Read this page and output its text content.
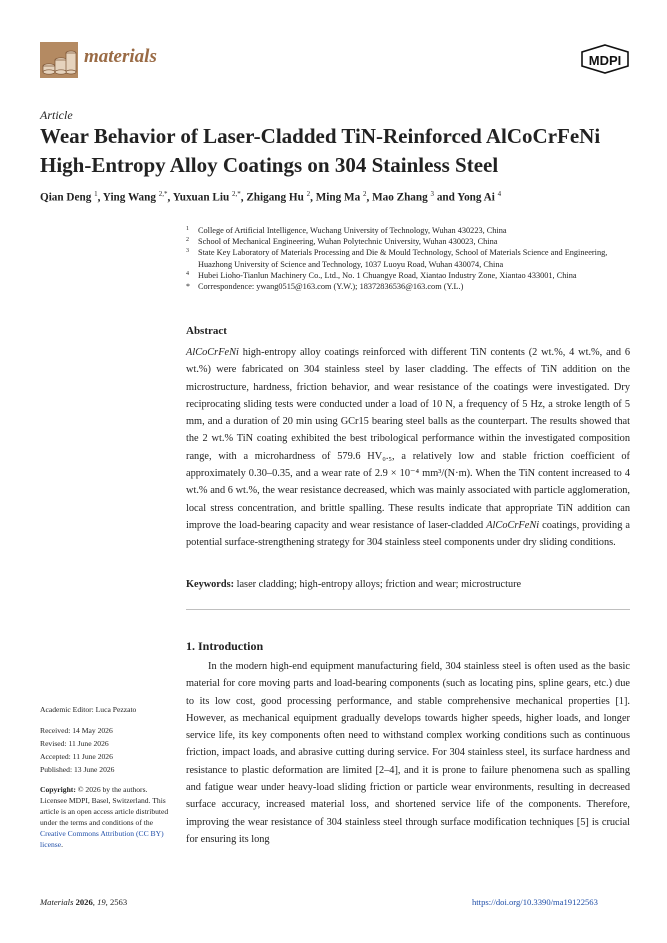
materials	MDPI
Article
Wear Behavior of Laser-Cladded TiN-Reinforced AlCoCrFeNi High-Entropy Alloy Coatings on 304 Stainless Steel
Qian Deng $^1$, Ying Wang $^{2,*}$, Yuxuan Liu $^{2,*}$, Zhigang Hu $^2$, Ming Ma $^2$, Mao Zhang $^3$ and Yong Ai $^4$

1 College of Artificial Intelligence, Wuchang University of Technology, Wuhan 430223, China

2 School of Mechanical Engineering, Wuhan Polytechnic University, Wuhan 430023, China

3 State Key Laboratory of Materials Processing and Die & Mould Technology, School of Materials Science and Engineering, Huazhong University of Science and Technology, 1037 Luoyu Road, Wuhan 430074, China

4 Hubei Lioho-Tianlun Machinery Co., Ltd., No. 1 Chuangye Road, Xiantao Industry Zone, Xiantao 433001, China

* Correspondence: ywang0515@163.com (Y.W.); 18372836536@163.com (Y.L.)

Abstract
AlCoCrFeNi high-entropy alloy coatings reinforced with different TiN contents (2 wt.%, 4 wt.%, and 6 wt.%) were fabricated on 304 stainless steel by laser cladding. The effects of TiN addition on the microstructure, hardness, friction behavior, and wear resistance of the coatings were investigated. Dry reciprocating sliding tests were conducted under a load of 10 N, a frequency of 5 Hz, a stroke length of 5 mm, and a duration of 20 min using GCr15 bearing steel balls as the counterpart. The results showed that the 2 wt.% TiN coating exhibited the best tribological performance within the investigated composition range, with a microhardness of 579.6 HV₀.₅, a relatively low and stable friction coefficient of approximately 0.30–0.35, and a wear rate of 2.9 × 10⁻⁴ mm³/(N·m). When the TiN content increased to 4 wt.% and 6 wt.%, the wear resistance decreased, which was mainly associated with particle agglomeration, local stress concentration, and brittle spalling. These results indicate that appropriate TiN addition can improve the load-bearing capacity and wear resistance of laser-cladded AlCoCrFeNi coatings, providing a potential surface-strengthening strategy for 304 stainless steel components under dry sliding conditions.
Keywords: laser cladding; high-entropy alloys; friction and wear; microstructure
1. Introduction

In the modern high-end equipment manufacturing field, 304 stainless steel is often used as the basic material for core moving parts and load-bearing components (such as locating pins, spline gears, etc.) due to its low cost, good processing performance, and stable comprehensive mechanical properties [1]. However, as mechanical equipment gradually develops towards higher speeds, higher loads, and longer service life, its key components often need to withstand complex working conditions such as continuous friction, impact loads, and abrasive cutting during service. For 304 stainless steel, its surface hardness and resistance to plastic deformation are limited [2–4], and it is prone to failure phenomena such as spalling and fatigue wear under heavy-load sliding friction or particle wear environments, resulting in decreased surface accuracy, increased material loss, and shortened service life of the components. Therefore, improving the wear resistance of 304 stainless steel through surface modification techniques [5] is crucial for ensuring its long

Academic Editor: Luca Pezzato
Received: 14 May 2026
Revised: 11 June 2026
Accepted: 11 June 2026
Published: 13 June 2026
Copyright: © 2026 by the authors. Licensee MDPI, Basel, Switzerland. This article is an open access article distributed under the terms and conditions of the Creative Commons Attribution (CC BY) license.
Materials 2026, 19, 2563	https://doi.org/10.3390/ma19122563
